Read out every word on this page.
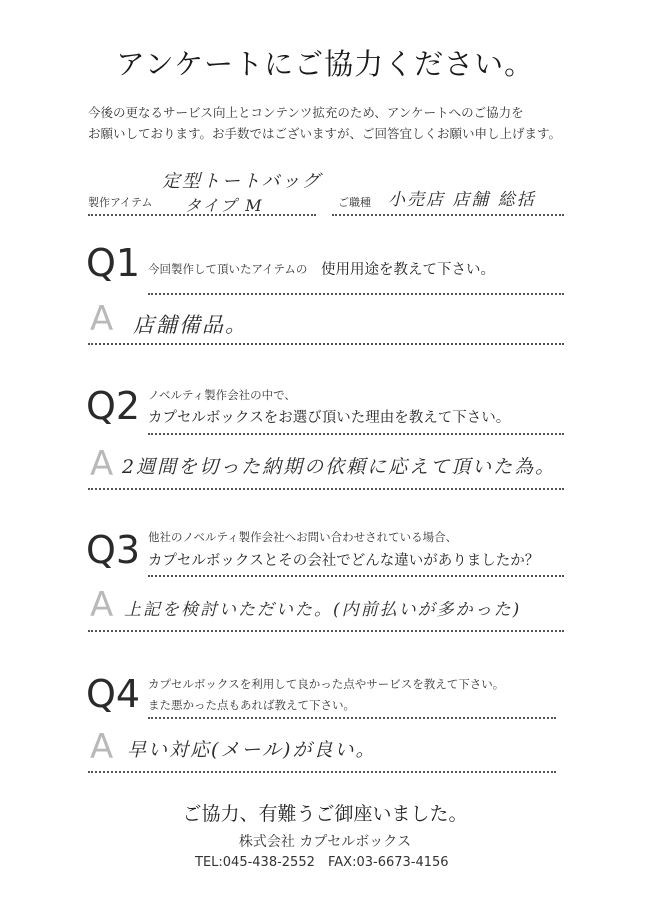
アンケートにご協力ください。
今後の更なるサービス向上とコンテンツ拡充のため、アンケートへのご協力を
お願いしております。お手数ではございますが、ご回答宜しくお願い申し上げます。
製作アイテム
定型トートバッグ
タイプ M	ご職種 小売店 店舗 総括
Q1 今回製作して頂いたアイテムの 使用用途を教えて下さい。
A 店舗備品。
Q2 ノベルティ製作会社の中で、
カプセルボックスをお選び頂いた理由を教えて下さい。
A 2週間を切った納期の依頼に応えて頂いた為。
Q3 他社のノベルティ製作会社へお問い合わせされている場合、
カプセルボックスとその会社でどんな違いがありましたか？
A 上記を検討いただいた。(内前払いが多かった)
Q4 カプセルボックスを利用して良かった点やサービスを教えて下さい。
また悪かった点もあれば教えて下さい。
A 早い対応(メール)が良い。
ご協力、有難うご御座いました。
株式会社 カプセルボックス
TEL:045-438-2552 FAX:03-6673-4156
